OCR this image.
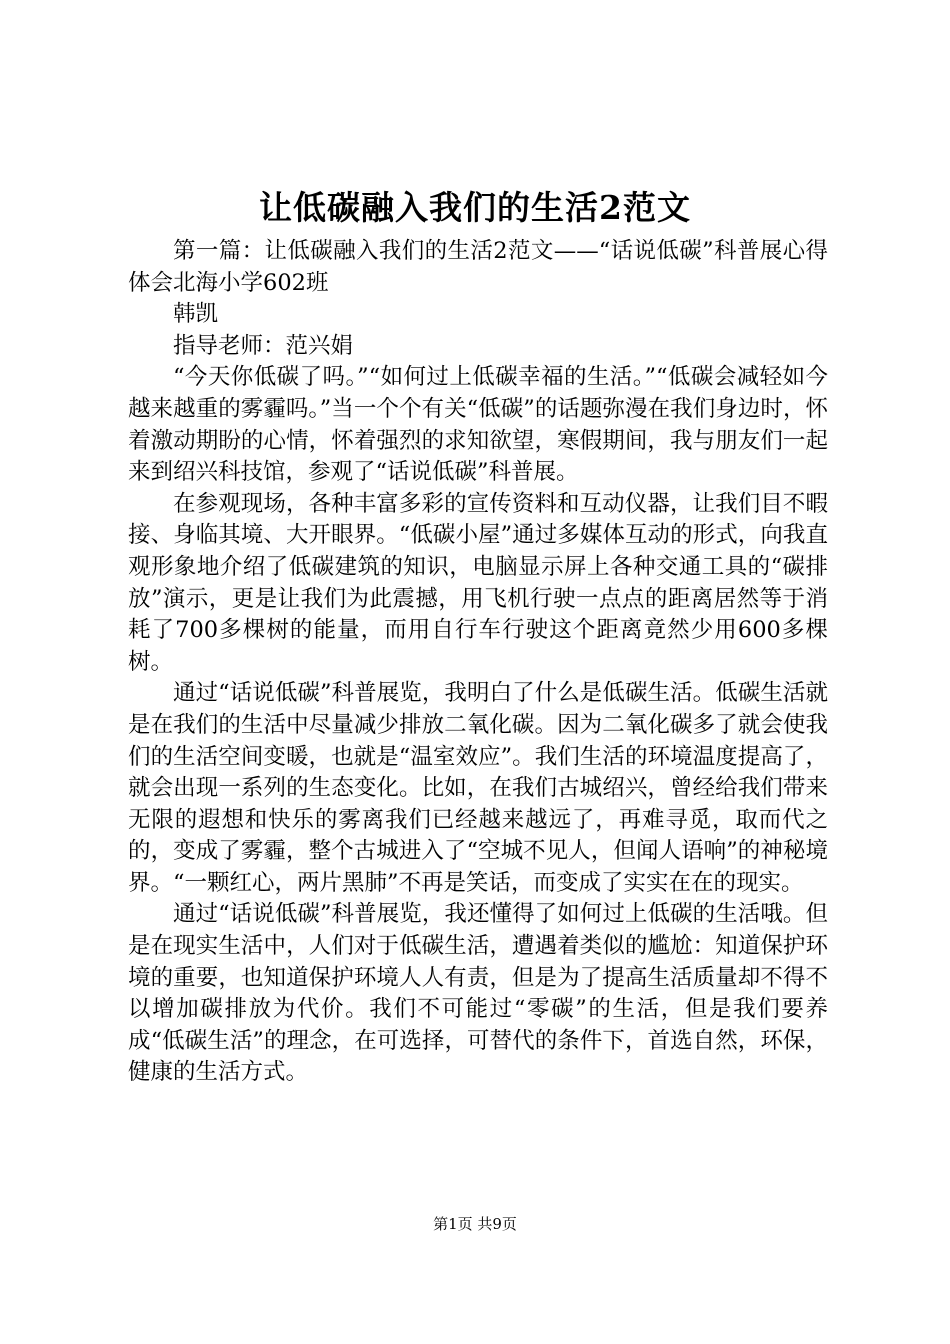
让低碳融入我们的生活2范文

第一篇：让低碳融入我们的生活2范文——“话说低碳”科普展心得体会北海小学602班

韩凯

指导老师：范兴娟

“今天你低碳了吗。”“如何过上低碳幸福的生活。”“低碳会减轻如今越来越重的雾霾吗。”当一个个有关“低碳”的话题弥漫在我们身边时，怀着激动期盼的心情，怀着强烈的求知欲望，寒假期间，我与朋友们一起来到绍兴科技馆，参观了“话说低碳”科普展。

在参观现场，各种丰富多彩的宣传资料和互动仪器，让我们目不暇接、身临其境、大开眼界。“低碳小屋”通过多媒体互动的形式，向我直观形象地介绍了低碳建筑的知识，电脑显示屏上各种交通工具的“碳排放”演示，更是让我们为此震撼，用飞机行驶一点点的距离居然等于消耗了700多棵树的能量，而用自行车行驶这个距离竟然少用600多棵树。

通过“话说低碳”科普展览，我明白了什么是低碳生活。低碳生活就是在我们的生活中尽量减少排放二氧化碳。因为二氧化碳多了就会使我们的生活空间变暖，也就是“温室效应”。我们生活的环境温度提高了，就会出现一系列的生态变化。比如，在我们古城绍兴，曾经给我们带来无限的遐想和快乐的雾离我们已经越来越远了，再难寻觅，取而代之的，变成了雾霾，整个古城进入了“空城不见人，但闻人语响”的神秘境界。“一颗红心，两片黑肺”不再是笑话，而变成了实实在在的现实。

通过“话说低碳”科普展览，我还懂得了如何过上低碳的生活哦。但是在现实生活中，人们对于低碳生活，遭遇着类似的尴尬：知道保护环境的重要，也知道保护环境人人有责，但是为了提高生活质量却不得不以增加碳排放为代价。我们不可能过“零碳”的生活，但是我们要养成“低碳生活”的理念，在可选择，可替代的条件下，首选自然，环保，健康的生活方式。

第1页 共9页
